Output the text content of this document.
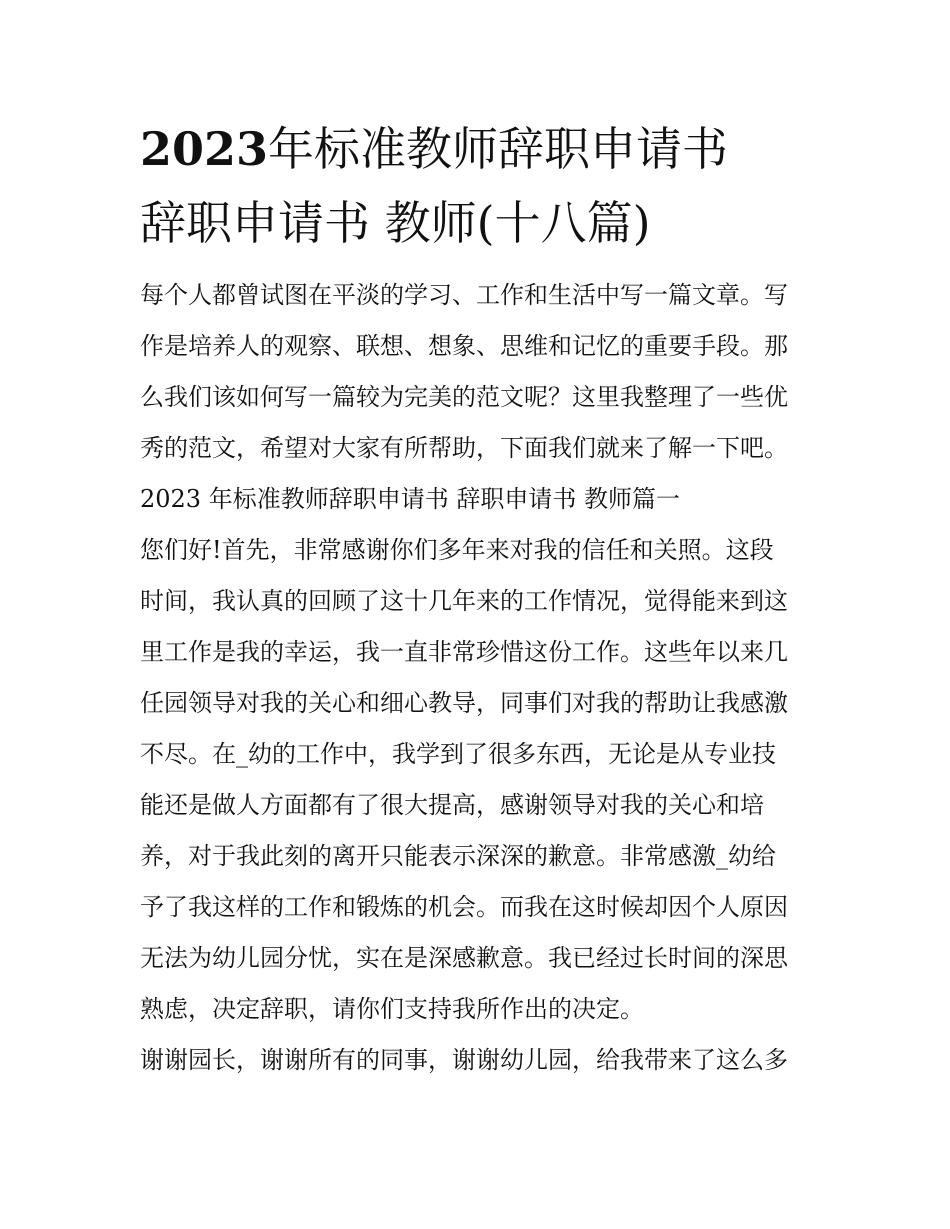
2023年标准教师辞职申请书
辞职申请书 教师(十八篇)
每个人都曾试图在平淡的学习、工作和生活中写一篇文章。写
作是培养人的观察、联想、想象、思维和记忆的重要手段。那
么我们该如何写一篇较为完美的范文呢？这里我整理了一些优
秀的范文，希望对大家有所帮助，下面我们就来了解一下吧。
2023 年标准教师辞职申请书 辞职申请书 教师篇一
您们好!首先，非常感谢你们多年来对我的信任和关照。这段
时间，我认真的回顾了这十几年来的工作情况，觉得能来到这
里工作是我的幸运，我一直非常珍惜这份工作。这些年以来几
任园领导对我的关心和细心教导，同事们对我的帮助让我感激
不尽。在_幼的工作中，我学到了很多东西，无论是从专业技
能还是做人方面都有了很大提高，感谢领导对我的关心和培
养，对于我此刻的离开只能表示深深的歉意。非常感激_幼给
予了我这样的工作和锻炼的机会。而我在这时候却因个人原因
无法为幼儿园分忧，实在是深感歉意。我已经过长时间的深思
熟虑，决定辞职，请你们支持我所作出的决定。
谢谢园长，谢谢所有的同事，谢谢幼儿园，给我带来了这么多
